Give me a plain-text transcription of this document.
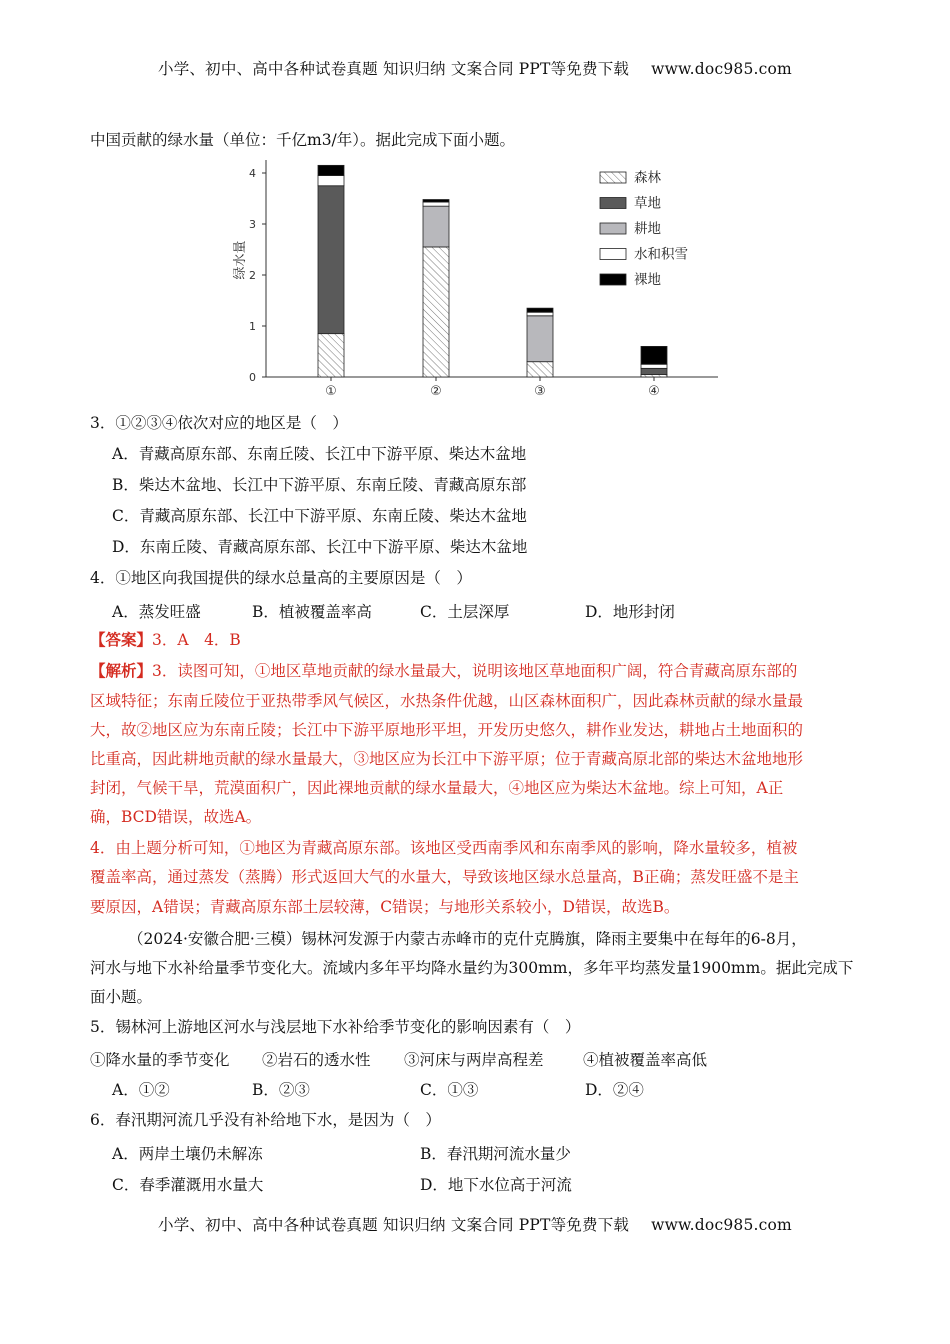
小学、初中、高中各种试卷真题 知识归纳 文案合同 PPT等免费下载 www.doc985.com
中国贡献的绿水量（单位：千亿m3/年）。据此完成下面小题。
0
1
2
3
4
绿水量
①	②	③	④
森林
草地
耕地
水和积雪
裸地
3．①②③④依次对应的地区是（　）
A．青藏高原东部、东南丘陵、长江中下游平原、柴达木盆地
B．柴达木盆地、长江中下游平原、东南丘陵、青藏高原东部
C．青藏高原东部、长江中下游平原、东南丘陵、柴达木盆地
D．东南丘陵、青藏高原东部、长江中下游平原、柴达木盆地
4．①地区向我国提供的绿水总量高的主要原因是（　）
A．蒸发旺盛	B．植被覆盖率高	C．土层深厚	D．地形封闭
【答案】3．A　4．B
【解析】3．读图可知，①地区草地贡献的绿水量最大，说明该地区草地面积广阔，符合青藏高原东部的
区域特征；东南丘陵位于亚热带季风气候区，水热条件优越，山区森林面积广，因此森林贡献的绿水量最
大，故②地区应为东南丘陵；长江中下游平原地形平坦，开发历史悠久，耕作业发达，耕地占土地面积的
比重高，因此耕地贡献的绿水量最大，③地区应为长江中下游平原；位于青藏高原北部的柴达木盆地地形
封闭，气候干旱，荒漠面积广，因此裸地贡献的绿水量最大，④地区应为柴达木盆地。综上可知，A正
确，BCD错误，故选A。
4．由上题分析可知，①地区为青藏高原东部。该地区受西南季风和东南季风的影响，降水量较多，植被
覆盖率高，通过蒸发（蒸腾）形式返回大气的水量大，导致该地区绿水总量高，B正确；蒸发旺盛不是主
要原因，A错误；青藏高原东部土层较薄，C错误；与地形关系较小，D错误，故选B。
（2024·安徽合肥·三模）锡林河发源于内蒙古赤峰市的克什克腾旗，降雨主要集中在每年的6-8月，
河水与地下水补给量季节变化大。流域内多年平均降水量约为300mm，多年平均蒸发量1900mm。据此完成下
面小题。
5．锡林河上游地区河水与浅层地下水补给季节变化的影响因素有（　）
①降水量的季节变化 ②岩石的透水性 ③河床与两岸高程差	④植被覆盖率高低
A．①②	B．②③	C．①③	D．②④
6．春汛期河流几乎没有补给地下水，是因为（　）
A．两岸土壤仍未解冻	B．春汛期河流水量少
C．春季灌溉用水量大	D．地下水位高于河流
小学、初中、高中各种试卷真题 知识归纳 文案合同 PPT等免费下载 www.doc985.com
